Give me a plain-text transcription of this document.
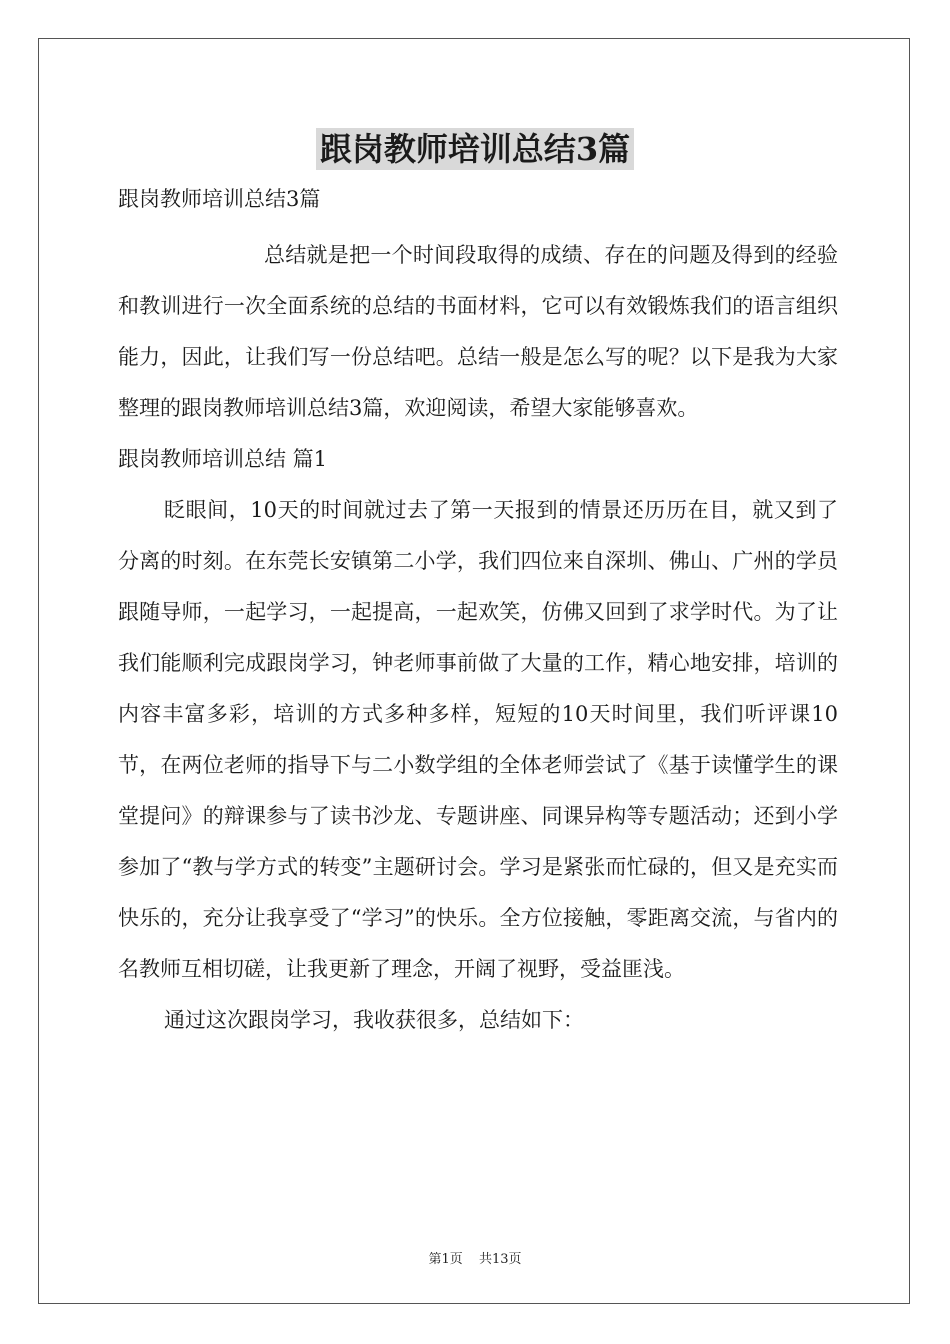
跟岗教师培训总结3篇

跟岗教师培训总结3篇

总结就是把一个时间段取得的成绩、存在的问题及得到的经验和教训进行一次全面系统的总结的书面材料，它可以有效锻炼我们的语言组织能力，因此，让我们写一份总结吧。总结一般是怎么写的呢？以下是我为大家整理的跟岗教师培训总结3篇，欢迎阅读，希望大家能够喜欢。

跟岗教师培训总结 篇1

眨眼间，10天的时间就过去了第一天报到的情景还历历在目，就又到了分离的时刻。在东莞长安镇第二小学，我们四位来自深圳、佛山、广州的学员跟随导师，一起学习，一起提高，一起欢笑，仿佛又回到了求学时代。为了让我们能顺利完成跟岗学习，钟老师事前做了大量的工作，精心地安排，培训的内容丰富多彩，培训的方式多种多样，短短的10天时间里，我们听评课10节，在两位老师的指导下与二小数学组的全体老师尝试了《基于读懂学生的课堂提问》的辩课参与了读书沙龙、专题讲座、同课异构等专题活动；还到小学参加了“教与学方式的转变”主题研讨会。学习是紧张而忙碌的，但又是充实而快乐的，充分让我享受了“学习”的快乐。全方位接触，零距离交流，与省内的名教师互相切磋，让我更新了理念，开阔了视野，受益匪浅。

通过这次跟岗学习，我收获很多，总结如下：

第1页 共13页
